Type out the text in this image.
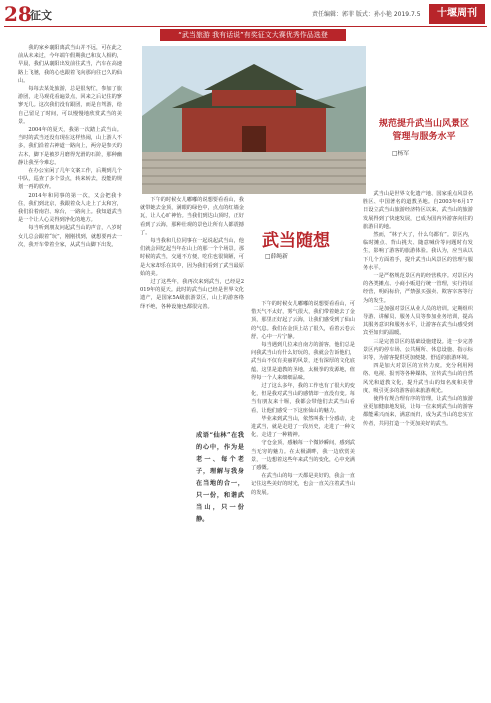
28
征文	责任编辑：郭菲 版式：孙小艳 2019.7.5	十堰周刊
“武当旅游 我有话说”有奖征文大赛优秀作品选登

我的家乡襄阳离武当山并不远，可在此之前从未来过，今年端午假期我已和友人相约，早晨，我们从襄阳出发前往武当，汽车在高速路上飞驰，我的心也跟着飞向那向往已久的仙山。

每每去某处旅游，总是很匆忙，参加了旅游团，走马观花看遍景点，回来之后记住的寥寥无几。这次我们没有跟团，而是自驾游，给自己留足了时间，可以慢慢地欣赏武当的美景。

2004年的夏天，我第一次踏上武当山。当时的武当还没有现在这样热闹，山上游人不多，我们沿着古神道一路向上，两旁是参天的古木，脚下是被岁月磨得光滑的石阶，那种幽静让我至今难忘。

在办公室闲了几年文案工作，后期到几个中队，巡查了多个景点，转来转去，没能的规划一再的放弃。

2014年和同事的第一次，又会把我卡住，我们到北京，我跟着众人走上了太和宫，我们沿着南岩、琼台，一路向上。我知道武当是一个让人心灵得到净化的地方。

每当听到朋友问起武当山的声音，八岁时女儿总会跟着“玩”，刚刚找到，就想要再去一次，我开车带着全家，从武当山脚下出发。

下午的时候女儿嘟嘟的说想要看看山，我就带她去金顶，满眼的绿色中，点点的红墙金瓦，让人心旷神怡。当我们到达山顶时，正好看到了云海，那种壮观的景色让所有人都震撼了。

每当我和几位同事在一起说起武当山，他们就会回忆起当年在山上的那一个个场景。那时候的武当，交通不方便，吃住也很简陋，可是大家却乐在其中，因为我们看到了武当最原始的美。

过了这些年，我再次来到武当，已经是2019年的夏天。此时的武当山已经是世界文化遗产，是国家5A级旅游景区，山上的游客络绎不绝，各种设施也都很完善。

武当随想
□薛绳新
成语“仙林”在我的心中，作为是老一、每个老子，理解与我身在当地的合一，只一份，和谐武当山，只一份静。

下午的时候女儿嘟嘟的说想要看看山，可惜天气不太好，雾气很大，我们带着她去了金顶，那里正好起了云海，让我们感受到了仙山的气息。我们在金顶上站了很久，看着云卷云舒，心中一片宁静。

每当遇到几位来自南方的游客，他们总是问我武当山有什么好玩的，我就会告诉他们，武当山不仅有美丽的风景，还有深厚的文化底蕴，这里是道教的圣地，太极拳的发源地，值得每一个人来细细品味。

过了这么多年，我的工作也有了很大的变化，但是我对武当山的感情却一直没有变。每当有朋友来十堰，我都会带他们去武当山看看，让他们感受一下这座仙山的魅力。

毕业来到武当山，依然叫我十分感动，走进武当，就是走进了一段历史，走进了一种文化，走进了一种精神。

守仓金顶，感触每一个微妙瞬间，感到武当无穷的魅力。在太极湖畔，我一边欣赏美景，一边想着这些年来武当的变化，心中充满了感慨。

在武当山的每一天都是美好的，我会一直记住这些美好的时光，也会一直关注着武当山的发展。

规范提升武当山风景区
管理与服务水平
□杨军

武当山是世界文化遗产地、国家重点风景名胜区、中国著名的道教圣地。自2003年6月17日设立武当山旅游经济特区以来，武当山的旅游发展得到了快速发展，已成为国内外游客向往的旅游目的地。

然而，“林子大了，什么鸟都有”。景区内，临时摊点、背山挑夫、随意喊价等问题时有发生，影响了游客的旅游体验。我认为，应当从以下几个方面着手，提升武当山风景区的管理与服务水平。

一是严格规范景区内的经营秩序。对景区内的各类摊点、小商小贩进行统一管理，实行持证经营，明码标价，严禁强买强卖、欺客宰客等行为的发生。

二是加强对景区从业人员的培训。定期组织导游、讲解员、服务人员等参加业务培训，提高其服务意识和服务水平，让游客在武当山感受到宾至如归的温暖。

三是完善景区的基础设施建设。进一步完善景区内的停车场、公共厕所、休息设施、指示标识等，为游客提供更加便捷、舒适的旅游环境。

四是加大对景区的宣传力度。充分利用网络、电视、报刊等各种媒体，宣传武当山的自然风光和道教文化，提升武当山的知名度和美誉度，吸引更多的游客前来旅游观光。

使得有规合理有序的管理，让武当山的旅游业更加健康地发展，让每一位来到武当山的游客都能乘兴而来，满意而归，成为武当山的忠实宣传者，共同打造一个更加美好的武当。
